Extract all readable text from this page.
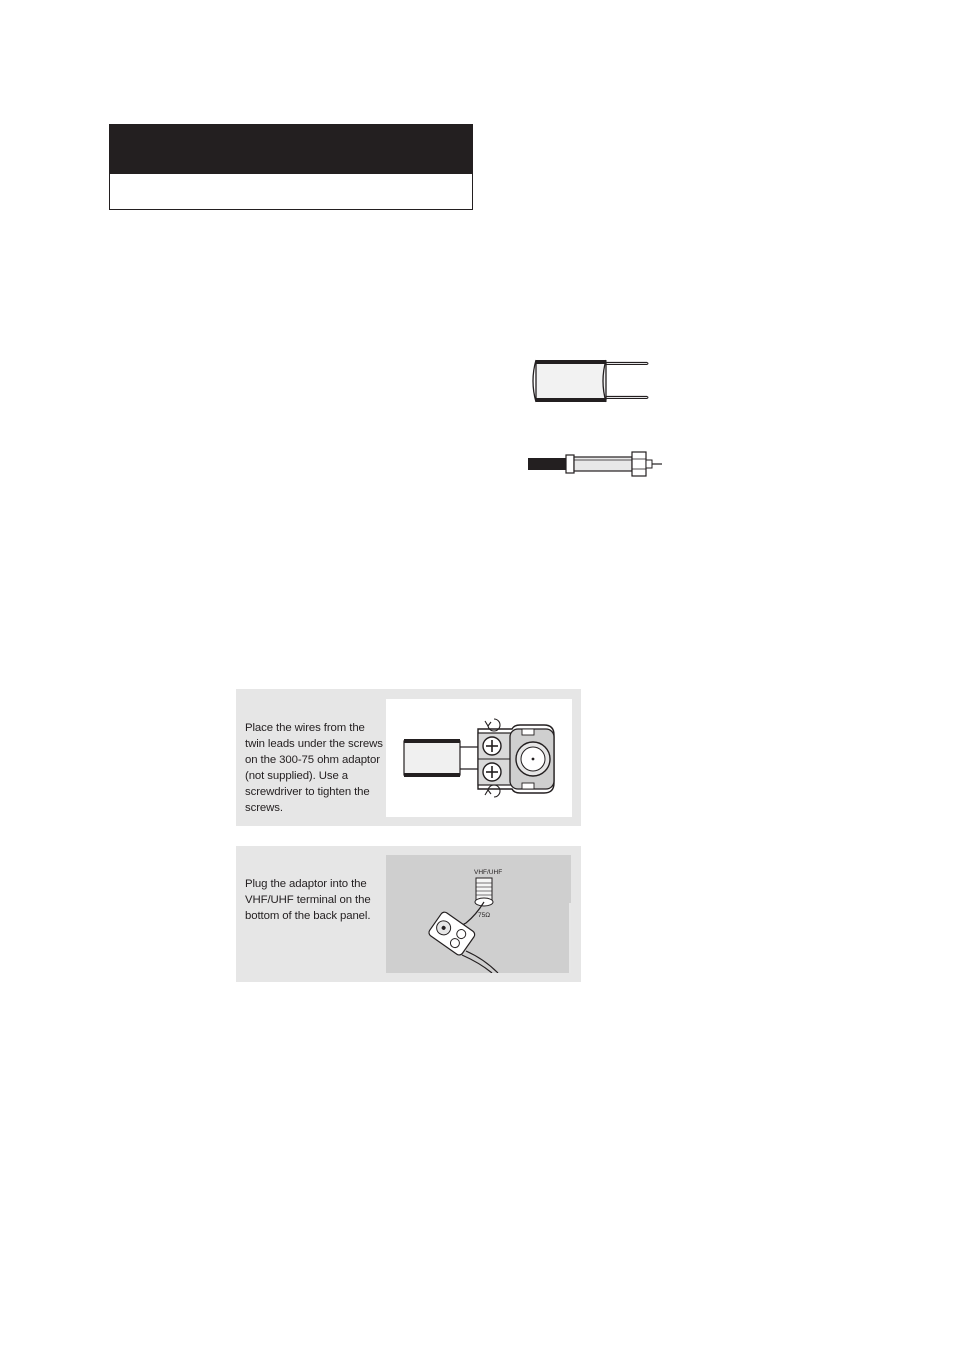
Place the wires from the twin leads under the screws on the 300-75 ohm adaptor (not supplied). Use a screwdriver to tighten the screws.
Plug the adaptor into the VHF/UHF terminal on the bottom of the back panel.
VHF/UHF
75Ω
